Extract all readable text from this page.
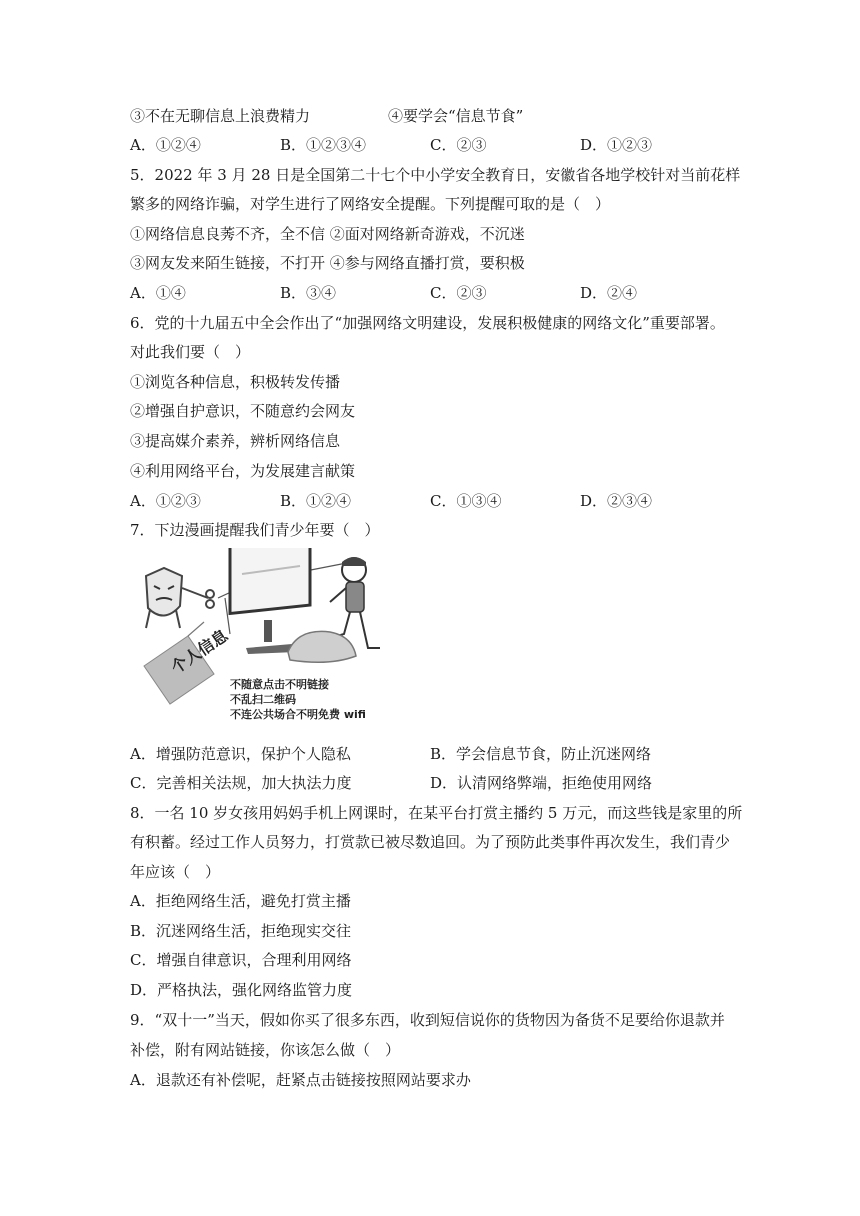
③不在无聊信息上浪费精力	④要学会“信息节食”
A．①②④	B．①②③④	C．②③	D．①②③
5．2022 年 3 月 28 日是全国第二十七个中小学安全教育日，安徽省各地学校针对当前花样
繁多的网络诈骗，对学生进行了网络安全提醒。下列提醒可取的是（　）
①网络信息良莠不齐，全不信 ②面对网络新奇游戏，不沉迷
③网友发来陌生链接，不打开 ④参与网络直播打赏，要积极
A．①④	B．③④	C．②③	D．②④
6．党的十九届五中全会作出了“加强网络文明建设，发展积极健康的网络文化”重要部署。
对此我们要（　）
①浏览各种信息，积极转发传播
②增强自护意识，不随意约会网友
③提高媒介素养，辨析网络信息
④利用网络平台，为发展建言献策
A．①②③	B．①②④	C．①③④	D．②③④
7．下边漫画提醒我们青少年要（　）
个人信息
不随意点击不明链接
不乱扫二维码
不连公共场合不明免费 wifi
A．增强防范意识，保护个人隐私	B．学会信息节食，防止沉迷网络
C．完善相关法规，加大执法力度	D．认清网络弊端，拒绝使用网络
8．一名 10 岁女孩用妈妈手机上网课时，在某平台打赏主播约 5 万元，而这些钱是家里的所
有积蓄。经过工作人员努力，打赏款已被尽数追回。为了预防此类事件再次发生，我们青少
年应该（　）
A．拒绝网络生活，避免打赏主播
B．沉迷网络生活，拒绝现实交往
C．增强自律意识，合理利用网络
D．严格执法，强化网络监管力度
9．“双十一”当天，假如你买了很多东西，收到短信说你的货物因为备货不足要给你退款并
补偿，附有网站链接，你该怎么做（　）
A．退款还有补偿呢，赶紧点击链接按照网站要求办
